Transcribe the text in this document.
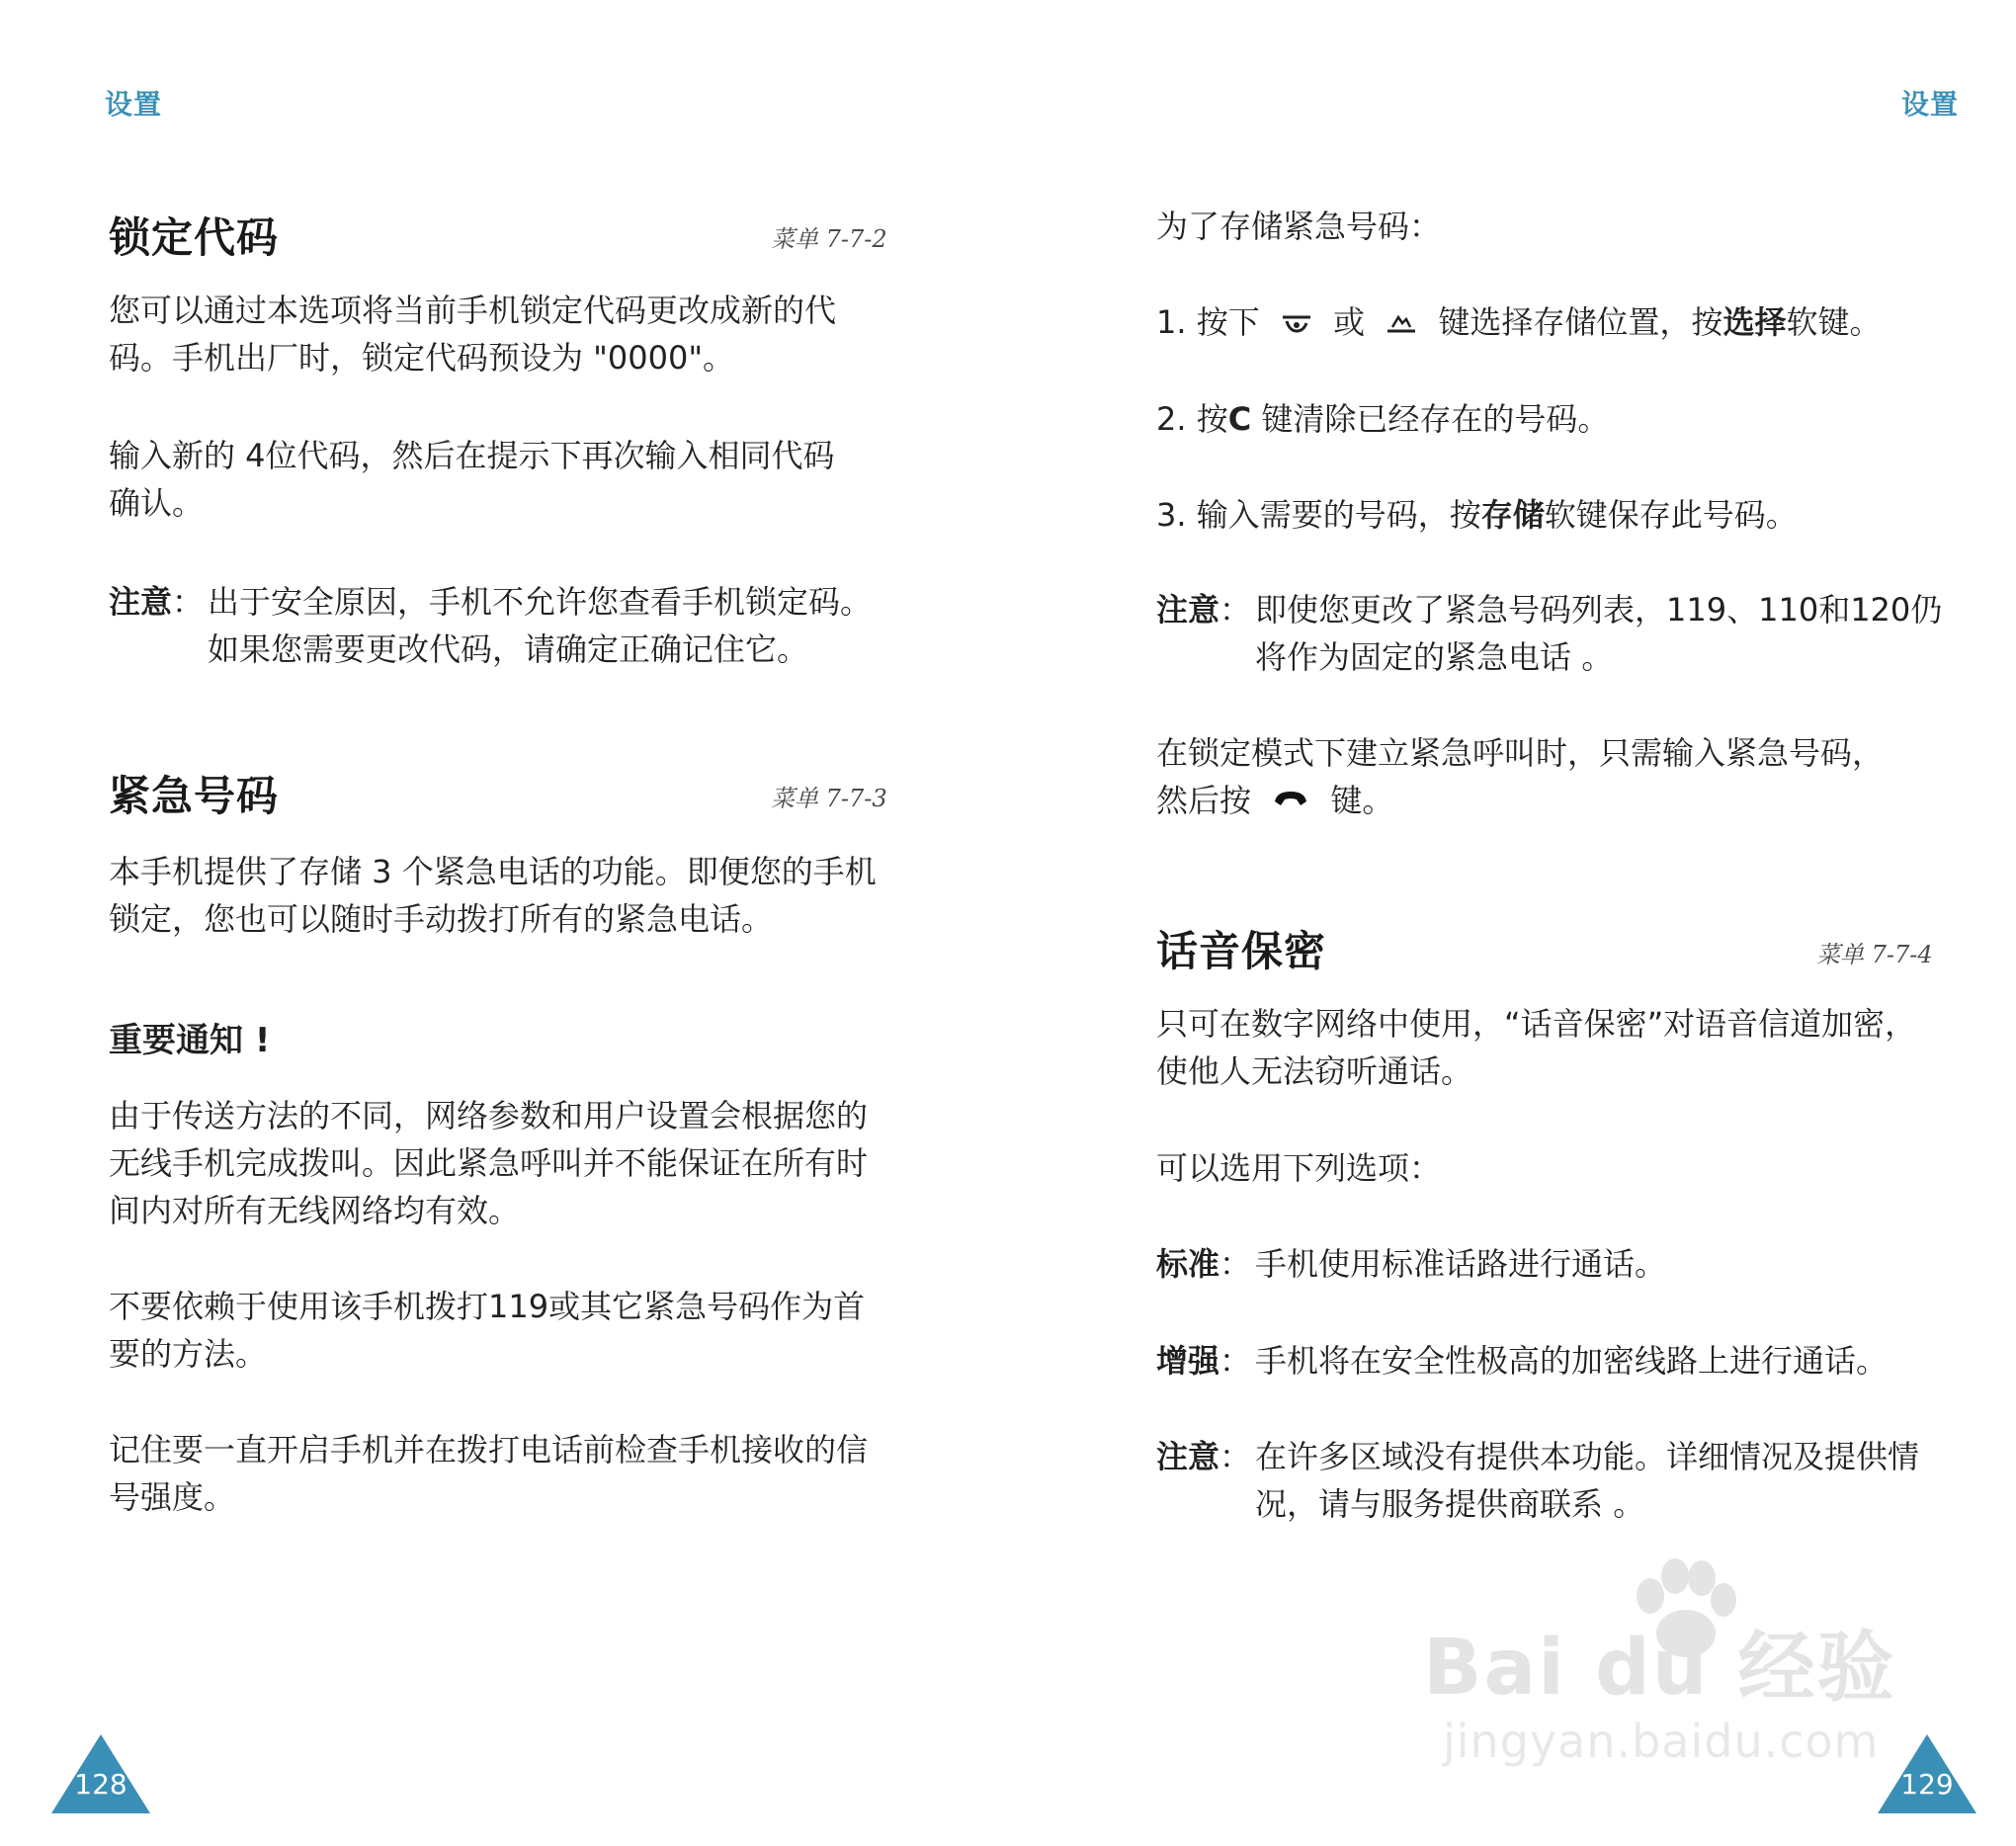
设置
锁定代码	菜单 7-7-2

您可以通过本选项将当前手机锁定代码更改成新的代

码。手机出厂时，锁定代码预设为 "0000"。

输入新的 4位代码，然后在提示下再次输入相同代码

确认。

注意 ： 出于安全原因，手机不允许您查看手机锁定码。
如果您需要更改代码，请确定正确记住它。
紧急号码	菜单 7-7-3

本手机提供了存储 3 个紧急电话的功能。即便您的手机

锁定，您也可以随时手动拨打所有的紧急电话。

重要通知 !

由于传送方法的不同，网络参数和用户设置会根据您的

无线手机完成拨叫。因此紧急呼叫并不能保证在所有时

间内对所有无线网络均有效。

不要依赖于使用该手机拨打119或其它紧急号码作为首

要的方法。

记住要一直开启手机并在拨打电话前检查手机接收的信

号强度。

128
设置
为了存储紧急号码：
1. 按下 或 键选择存储位置，按选择软键。
2. 按C 键清除已经存在的号码。
3. 输入需要的号码，按存储软键保存此号码。
注意 ： 即使您更改了紧急号码列表，119、110和120仍
将作为固定的紧急电话 。

在锁定模式下建立紧急呼叫时，只需输入紧急号码，

然后按	键。

话音保密	菜单 7-7-4

只可在数字网络中使用，“话音保密”对语音信道加密，

使他人无法窃听通话。

可以选用下列选项：
标准 ： 手机使用标准话路进行通话。
增强 ： 手机将在安全性极高的加密线路上进行通话。
注意 ： 在许多区域没有提供本功能。详细情况及提供情
况，请与服务提供商联系 。
129
Bai du 经验
jingyan.baidu.com
